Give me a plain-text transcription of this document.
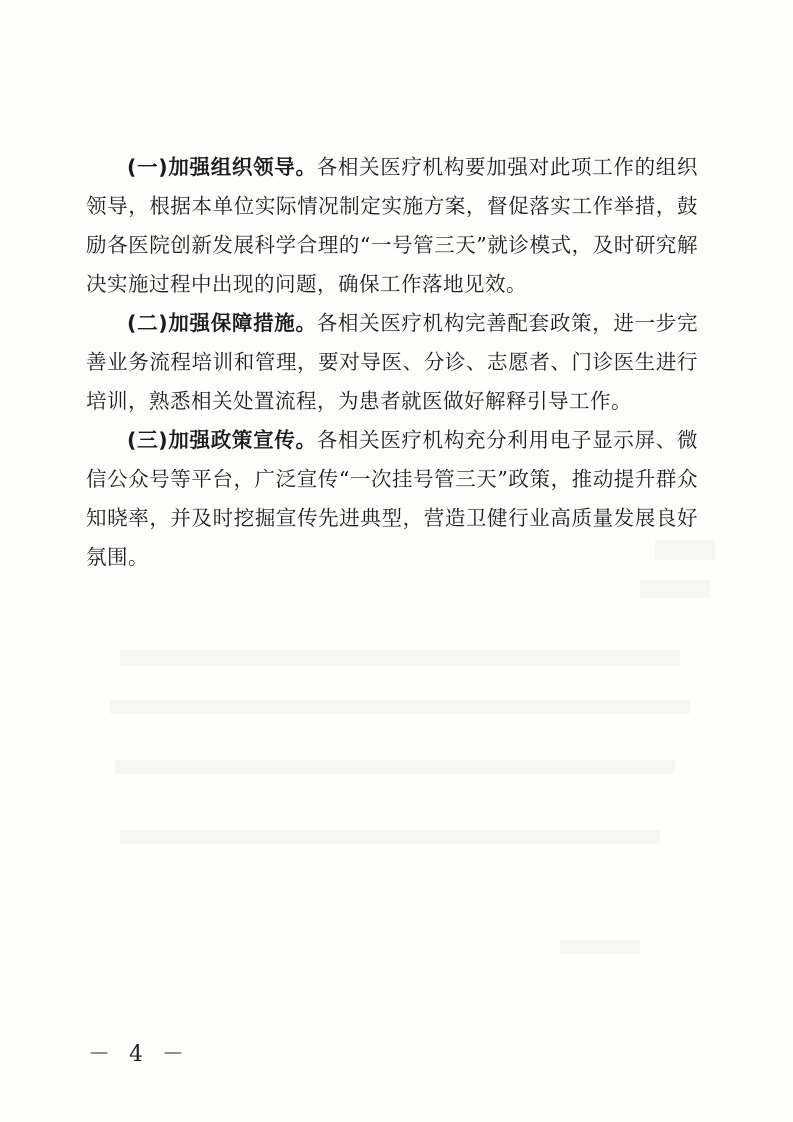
(一)加强组织领导。各相关医疗机构要加强对此项工作的组织领导，根据本单位实际情况制定实施方案，督促落实工作举措，鼓励各医院创新发展科学合理的“一号管三天”就诊模式，及时研究解决实施过程中出现的问题，确保工作落地见效。

(二)加强保障措施。各相关医疗机构完善配套政策，进一步完善业务流程培训和管理，要对导医、分诊、志愿者、门诊医生进行培训，熟悉相关处置流程，为患者就医做好解释引导工作。

(三)加强政策宣传。各相关医疗机构充分利用电子显示屏、微信公众号等平台，广泛宣传“一次挂号管三天”政策，推动提升群众知晓率，并及时挖掘宣传先进典型，营造卫健行业高质量发展良好氛围。

－ 4 －
